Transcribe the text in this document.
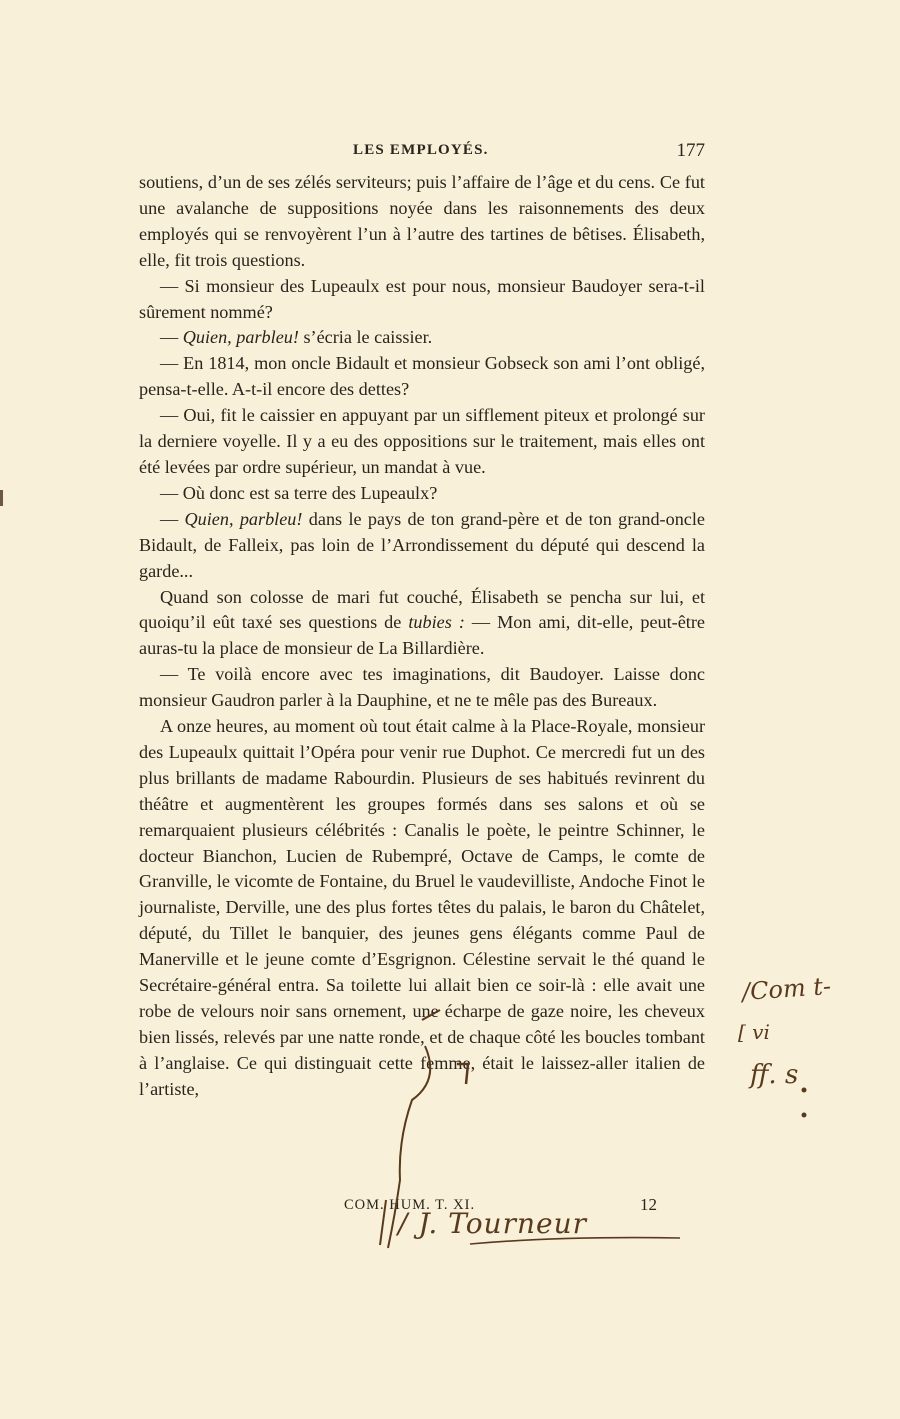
LES EMPLOYÉS.	177

soutiens, d’un de ses zélés serviteurs; puis l’affaire de l’âge et du cens. Ce fut une avalanche de suppositions noyée dans les raisonnements des deux employés qui se renvoyèrent l’un à l’autre des tartines de bêtises. Élisabeth, elle, fit trois questions.

— Si monsieur des Lupeaulx est pour nous, monsieur Baudoyer sera-t-il sûrement nommé?

— Quien, parbleu! s’écria le caissier.

— En 1814, mon oncle Bidault et monsieur Gobseck son ami l’ont obligé, pensa-t-elle. A-t-il encore des dettes?

— Oui, fit le caissier en appuyant par un sifflement piteux et prolongé sur la derniere voyelle. Il y a eu des oppositions sur le traitement, mais elles ont été levées par ordre supérieur, un mandat à vue.

— Où donc est sa terre des Lupeaulx?

— Quien, parbleu! dans le pays de ton grand-père et de ton grand-oncle Bidault, de Falleix, pas loin de l’Arrondissement du député qui descend la garde...

Quand son colosse de mari fut couché, Élisabeth se pencha sur lui, et quoiqu’il eût taxé ses questions de tubies : — Mon ami, dit-elle, peut-être auras-tu la place de monsieur de La Billardière.

— Te voilà encore avec tes imaginations, dit Baudoyer. Laisse donc monsieur Gaudron parler à la Dauphine, et ne te mêle pas des Bureaux.

A onze heures, au moment où tout était calme à la Place-Royale, monsieur des Lupeaulx quittait l’Opéra pour venir rue Duphot. Ce mercredi fut un des plus brillants de madame Rabourdin. Plusieurs de ses habitués revinrent du théâtre et augmentèrent les groupes formés dans ses salons et où se remarquaient plusieurs célébrités : Canalis le poète, le peintre Schinner, le docteur Bianchon, Lucien de Rubempré, Octave de Camps, le comte de Granville, le vicomte de Fontaine, du Bruel le vaudevilliste, Andoche Finot le journaliste, Derville, une des plus fortes têtes du palais, le baron du Châtelet, député, du Tillet le banquier, des jeunes gens élégants comme Paul de Manerville et le jeune comte d’Esgrignon. Célestine servait le thé quand le Secrétaire-général entra. Sa toilette lui allait bien ce soir-là : elle avait une robe de velours noir sans ornement, une écharpe de gaze noire, les cheveux bien lissés, relevés par une natte ronde, et de chaque côté les boucles tombant à l’anglaise. Ce qui distinguait cette femme, était le laissez-aller italien de l’artiste,

COM. HUM. T. XI.	12
/Com t-
[ vi
ff. s
/ J. Tourneur
